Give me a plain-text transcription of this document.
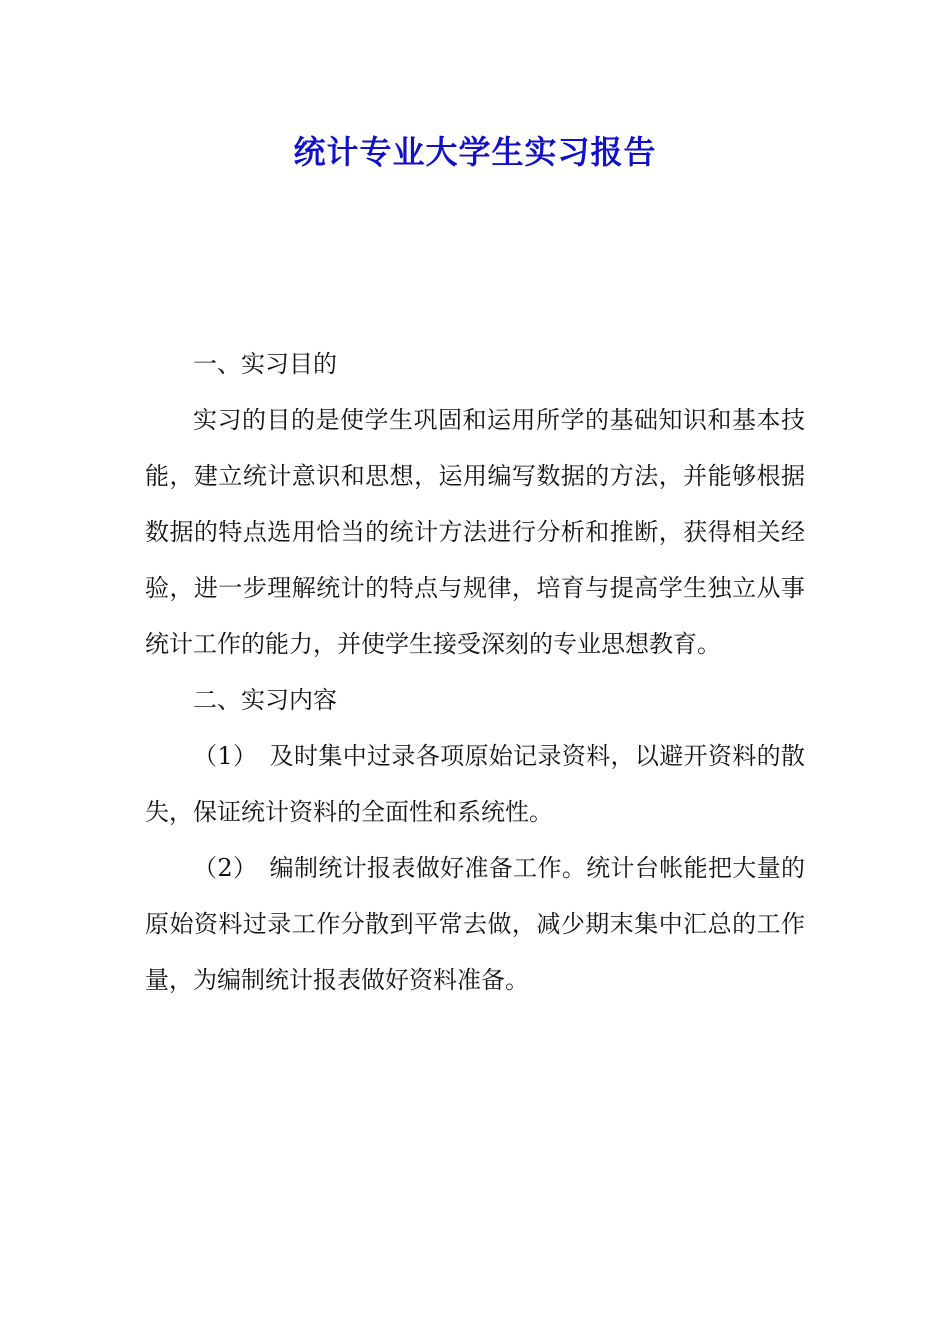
统计专业大学生实习报告

一、实习目的

实习的目的是使学生巩固和运用所学的基础知识和基本技能，建立统计意识和思想，运用编写数据的方法，并能够根据数据的特点选用恰当的统计方法进行分析和推断，获得相关经验，进一步理解统计的特点与规律，培育与提高学生独立从事统计工作的能力，并使学生接受深刻的专业思想教育。

二、实习内容

（1）　及时集中过录各项原始记录资料，以避开资料的散失，保证统计资料的全面性和系统性。

（2）　编制统计报表做好准备工作。统计台帐能把大量的原始资料过录工作分散到平常去做，减少期末集中汇总的工作量，为编制统计报表做好资料准备。
